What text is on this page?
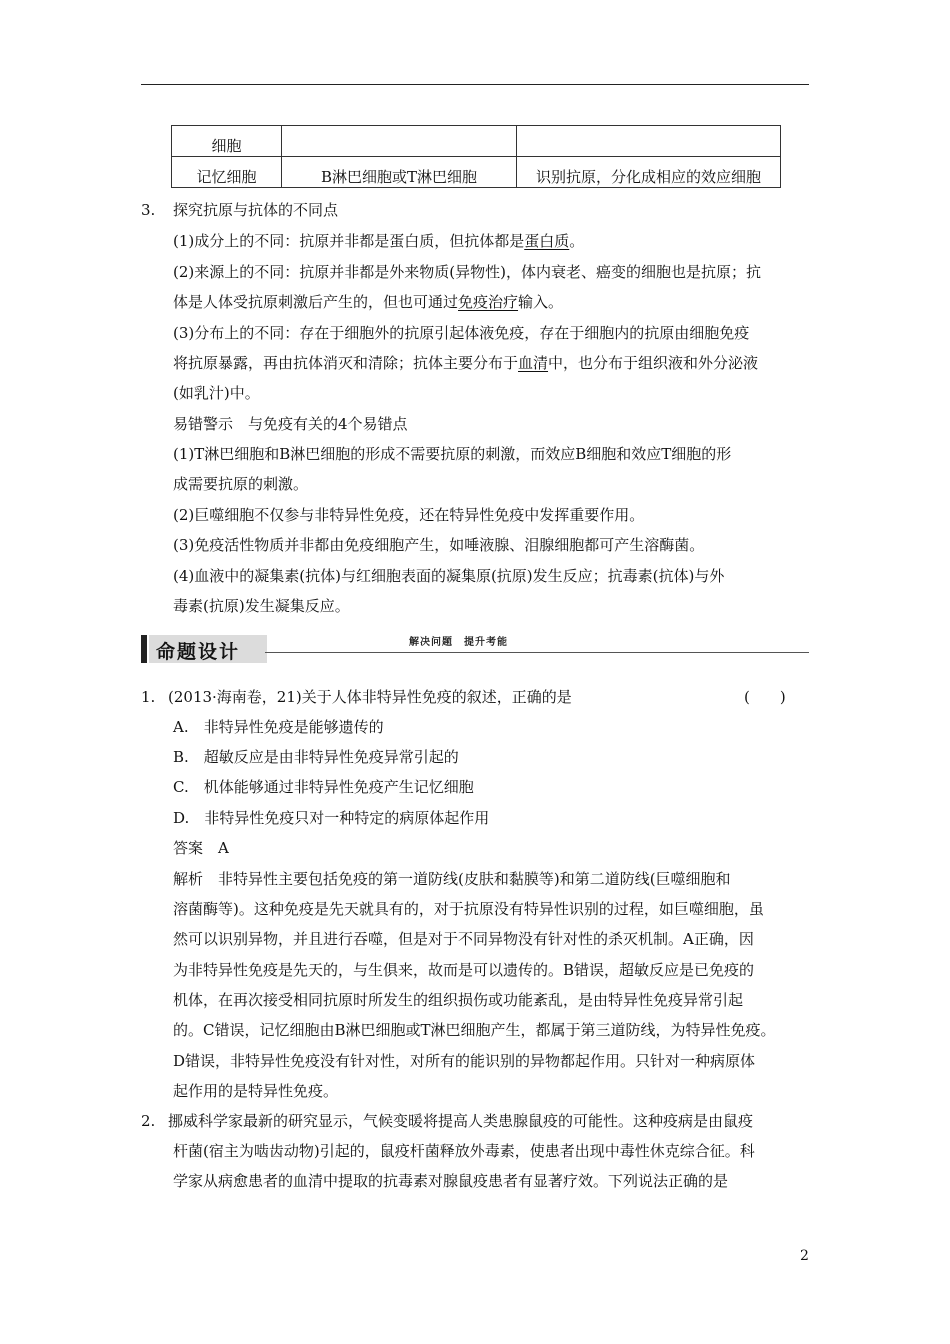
细胞		
记忆细胞	B淋巴细胞或T淋巴细胞	识别抗原，分化成相应的效应细胞
3. 探究抗原与抗体的不同点
(1)成分上的不同：抗原并非都是蛋白质，但抗体都是蛋白质。
(2)来源上的不同：抗原并非都是外来物质(异物性)，体内衰老、癌变的细胞也是抗原；抗
体是人体受抗原刺激后产生的，但也可通过免疫治疗输入。
(3)分布上的不同：存在于细胞外的抗原引起体液免疫，存在于细胞内的抗原由细胞免疫
将抗原暴露，再由抗体消灭和清除；抗体主要分布于血清中，也分布于组织液和外分泌液
(如乳汁)中。
易错警示　与免疫有关的4个易错点
(1)T淋巴细胞和B淋巴细胞的形成不需要抗原的刺激，而效应B细胞和效应T细胞的形
成需要抗原的刺激。
(2)巨噬细胞不仅参与非特异性免疫，还在特异性免疫中发挥重要作用。
(3)免疫活性物质并非都由免疫细胞产生，如唾液腺、泪腺细胞都可产生溶酶菌。
(4)血液中的凝集素(抗体)与红细胞表面的凝集原(抗原)发生反应；抗毒素(抗体)与外
毒素(抗原)发生凝集反应。
命题设计	解决问题　提升考能
1. (2013·海南卷，21)关于人体非特异性免疫的叙述，正确的是	(　　)
A.　非特异性免疫是能够遗传的
B.　超敏反应是由非特异性免疫异常引起的
C.　机体能够通过非特异性免疫产生记忆细胞
D.　非特异性免疫只对一种特定的病原体起作用
答案　A
解析　非特异性主要包括免疫的第一道防线(皮肤和黏膜等)和第二道防线(巨噬细胞和
溶菌酶等)。这种免疫是先天就具有的，对于抗原没有特异性识别的过程，如巨噬细胞，虽
然可以识别异物，并且进行吞噬，但是对于不同异物没有针对性的杀灭机制。A正确，因
为非特异性免疫是先天的，与生俱来，故而是可以遗传的。B错误，超敏反应是已免疫的
机体，在再次接受相同抗原时所发生的组织损伤或功能紊乱，是由特异性免疫异常引起
的。C错误，记忆细胞由B淋巴细胞或T淋巴细胞产生，都属于第三道防线，为特异性免疫。
D错误，非特异性免疫没有针对性，对所有的能识别的异物都起作用。只针对一种病原体
起作用的是特异性免疫。
2. 挪威科学家最新的研究显示，气候变暖将提高人类患腺鼠疫的可能性。这种疫病是由鼠疫
杆菌(宿主为啮齿动物)引起的，鼠疫杆菌释放外毒素，使患者出现中毒性休克综合征。科
学家从病愈患者的血清中提取的抗毒素对腺鼠疫患者有显著疗效。下列说法正确的是
2
